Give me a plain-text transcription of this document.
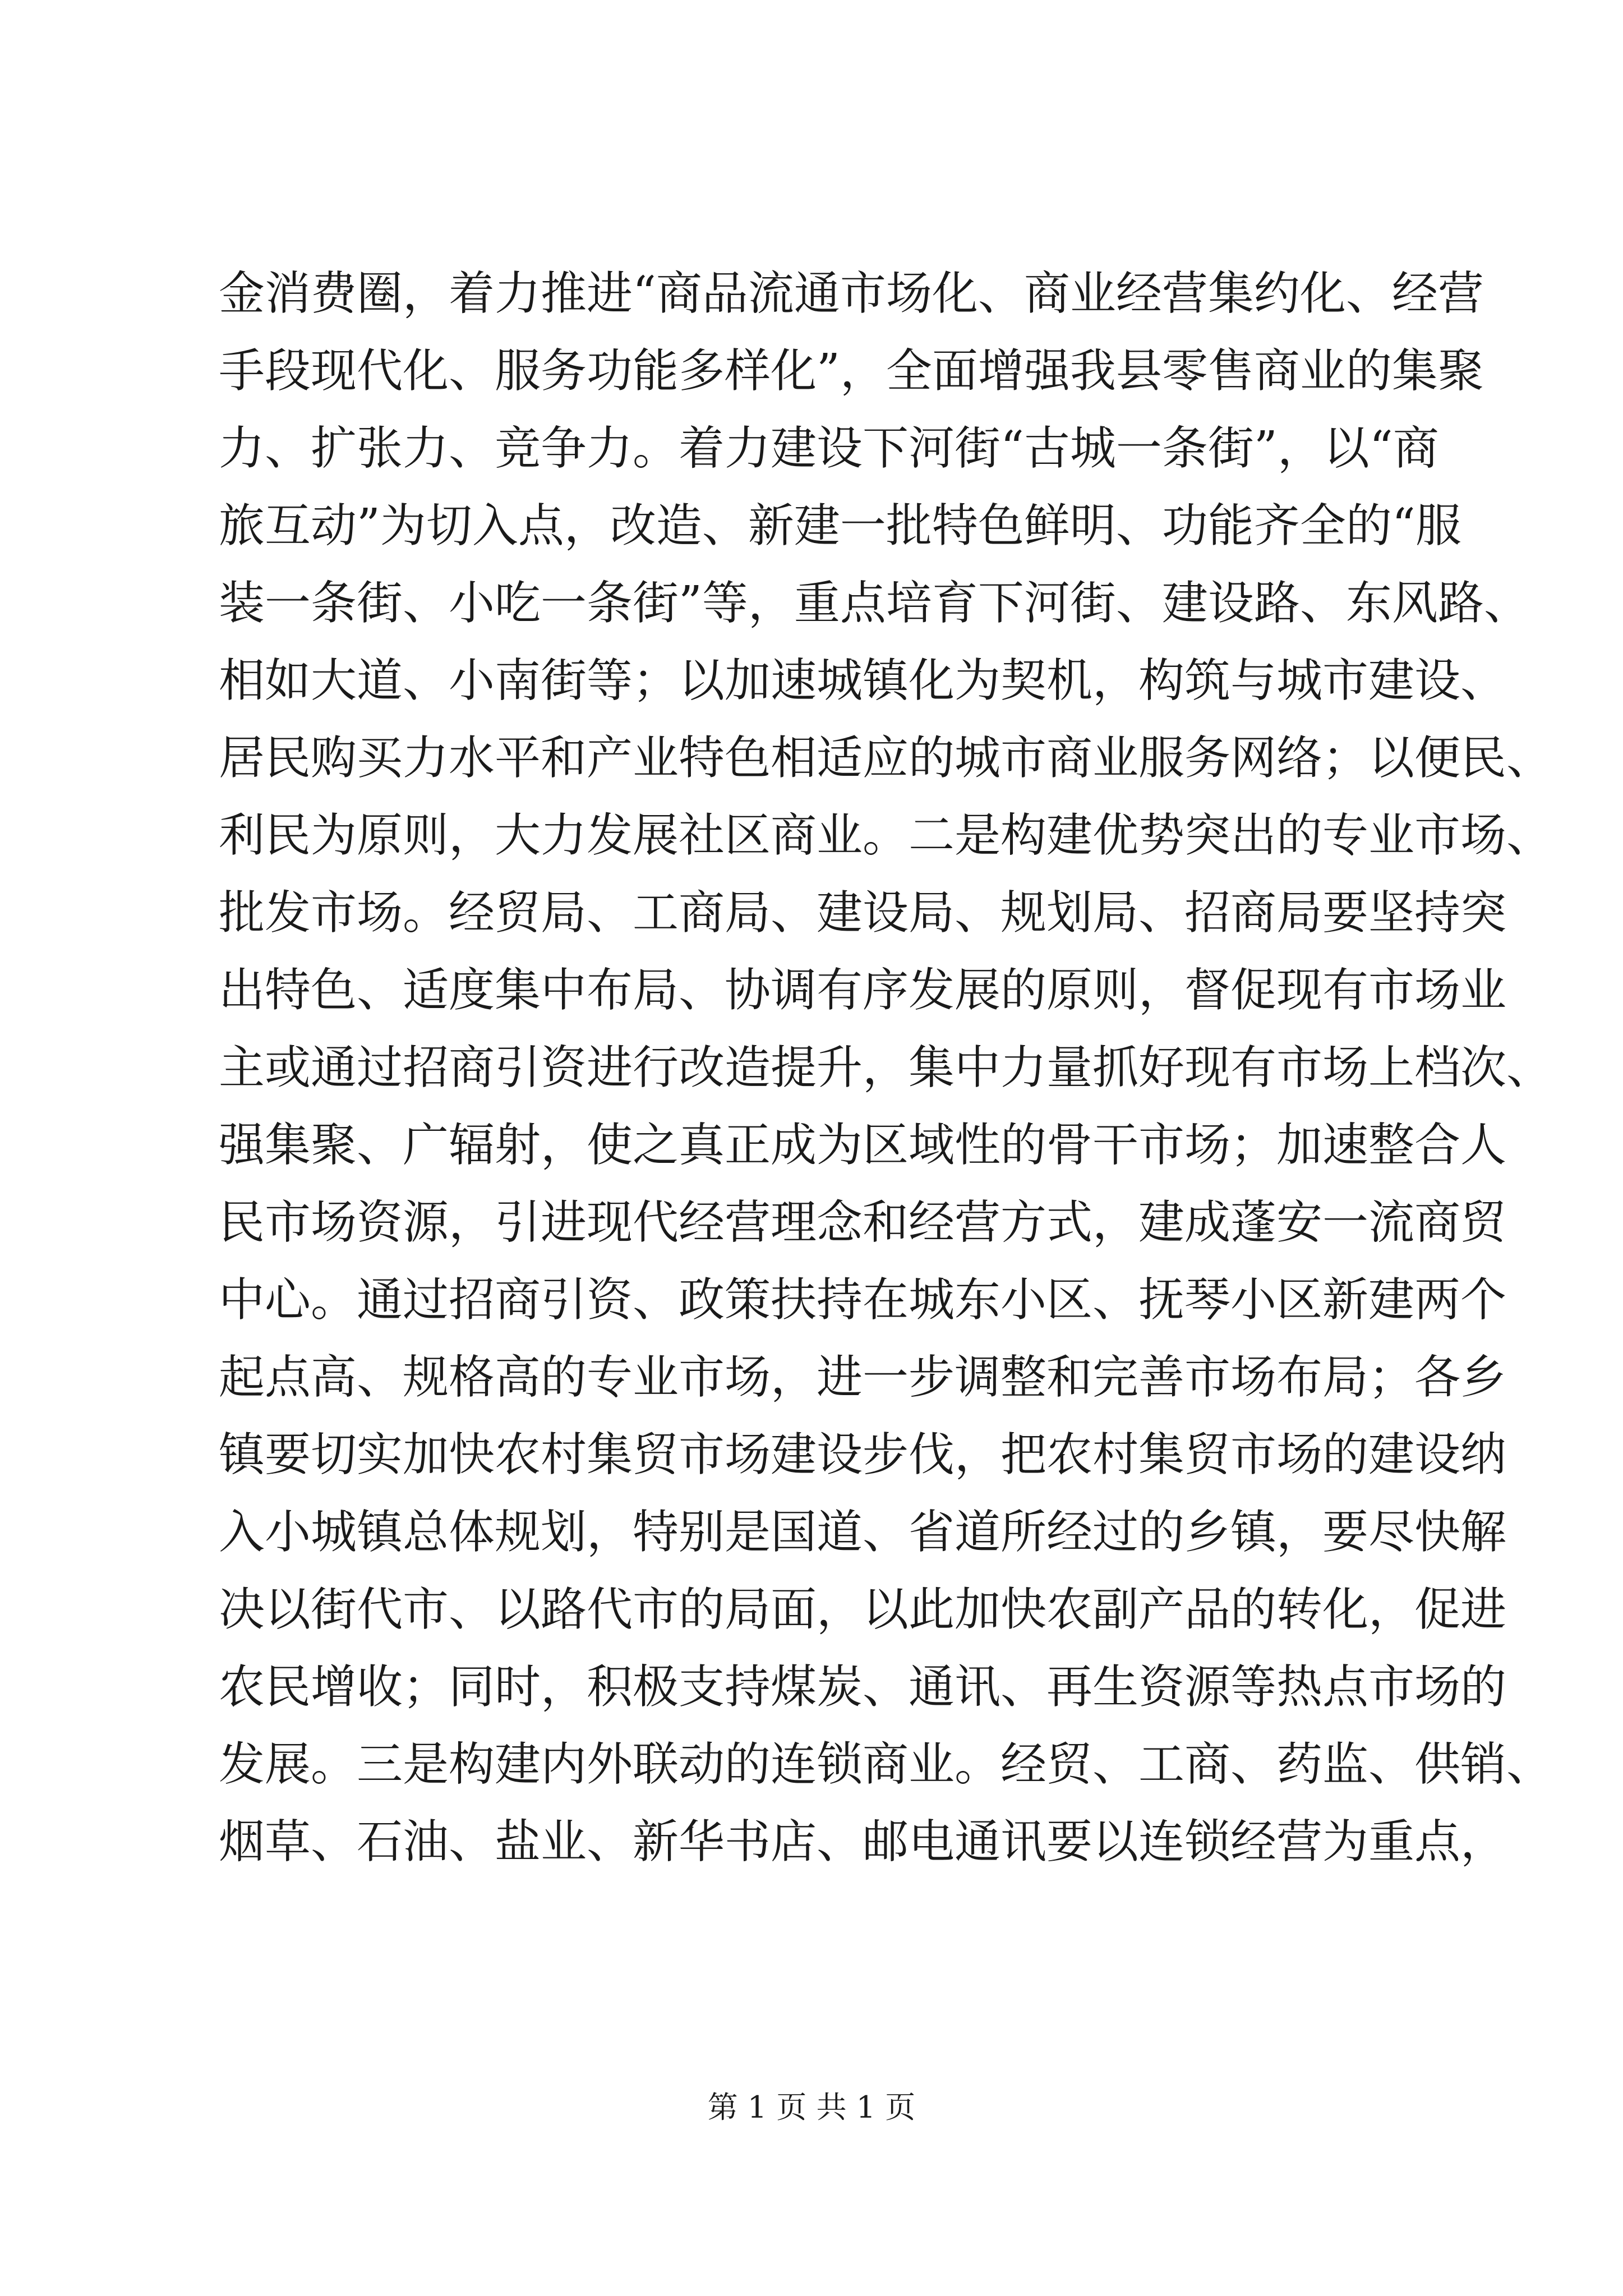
金消费圈，着力推进“商品流通市场化、商业经营集约化、经营
手段现代化、服务功能多样化”，全面增强我县零售商业的集聚
力、扩张力、竞争力。着力建设下河街“古城一条街”，以“商
旅互动”为切入点，改造、新建一批特色鲜明、功能齐全的“服
装一条街、小吃一条街”等，重点培育下河街、建设路、东风路、
相如大道、小南街等；以加速城镇化为契机，构筑与城市建设、
居民购买力水平和产业特色相适应的城市商业服务网络；以便民、
利民为原则，大力发展社区商业。二是构建优势突出的专业市场、
批发市场。经贸局、工商局、建设局、规划局、招商局要坚持突
出特色、适度集中布局、协调有序发展的原则，督促现有市场业
主或通过招商引资进行改造提升，集中力量抓好现有市场上档次、
强集聚、广辐射，使之真正成为区域性的骨干市场；加速整合人
民市场资源，引进现代经营理念和经营方式，建成蓬安一流商贸
中心。通过招商引资、政策扶持在城东小区、抚琴小区新建两个
起点高、规格高的专业市场，进一步调整和完善市场布局；各乡
镇要切实加快农村集贸市场建设步伐，把农村集贸市场的建设纳
入小城镇总体规划，特别是国道、省道所经过的乡镇，要尽快解
决以街代市、以路代市的局面，以此加快农副产品的转化，促进
农民增收；同时，积极支持煤炭、通讯、再生资源等热点市场的
发展。三是构建内外联动的连锁商业。经贸、工商、药监、供销、
烟草、石油、盐业、新华书店、邮电通讯要以连锁经营为重点，
第 1 页 共 1 页
